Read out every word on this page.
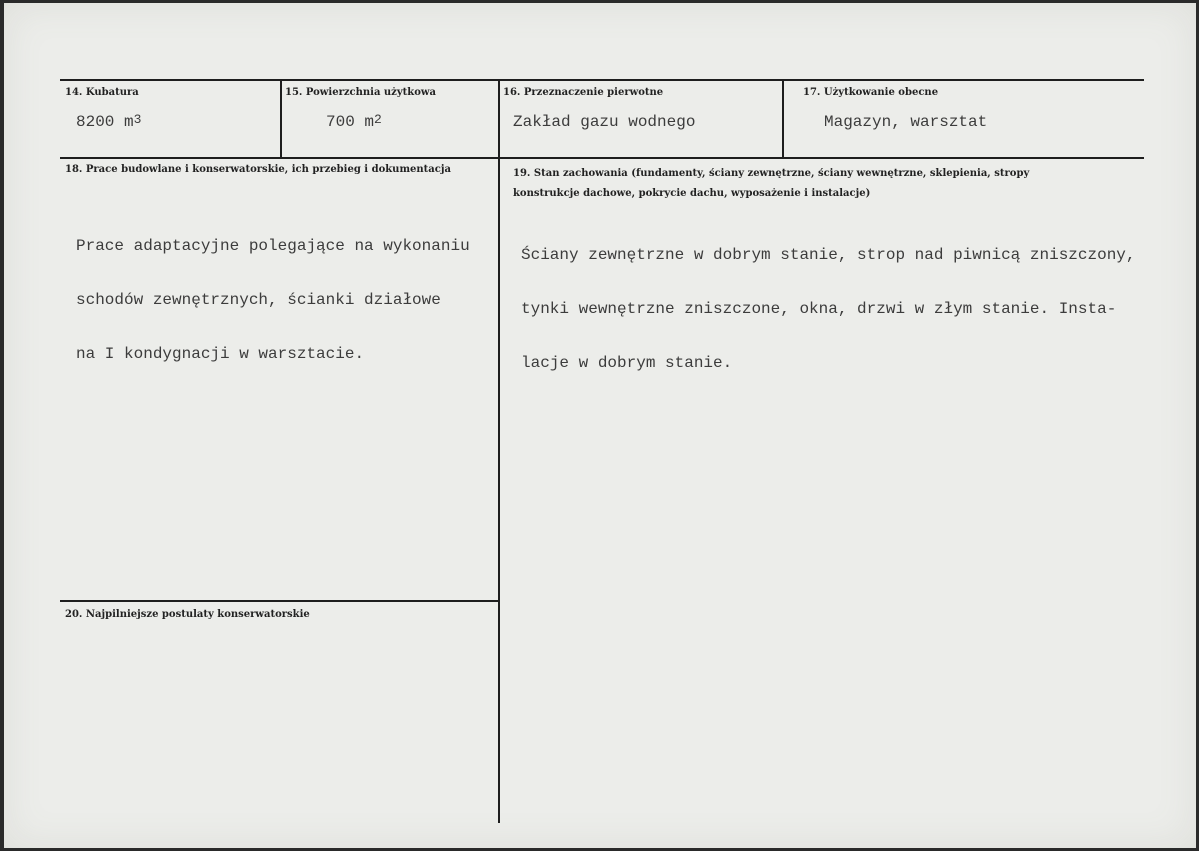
14. Kubatura
8200 $m^3$
15. Powierzchnia użytkowa
700 $m^2$
16. Przeznaczenie pierwotne
Zakład gazu wodnego
17. Użytkowanie obecne
Magazyn, warsztat
18. Prace budowlane i konserwatorskie, ich przebieg i dokumentacja

Prace adaptacyjne polegające na wykonaniu

schodów zewnętrznych, ścianki działowe

na I kondygnacji w warsztacie.

19. Stan zachowania (fundamenty, ściany zewnętrzne, ściany wewnętrzne, sklepienia, stropy
konstrukcje dachowe, pokrycie dachu, wyposażenie i instalacje)

Ściany zewnętrzne w dobrym stanie, strop nad piwnicą zniszczony,

tynki wewnętrzne zniszczone, okna, drzwi w złym stanie. Insta-

lacje w dobrym stanie.

20. Najpilniejsze postulaty konserwatorskie
